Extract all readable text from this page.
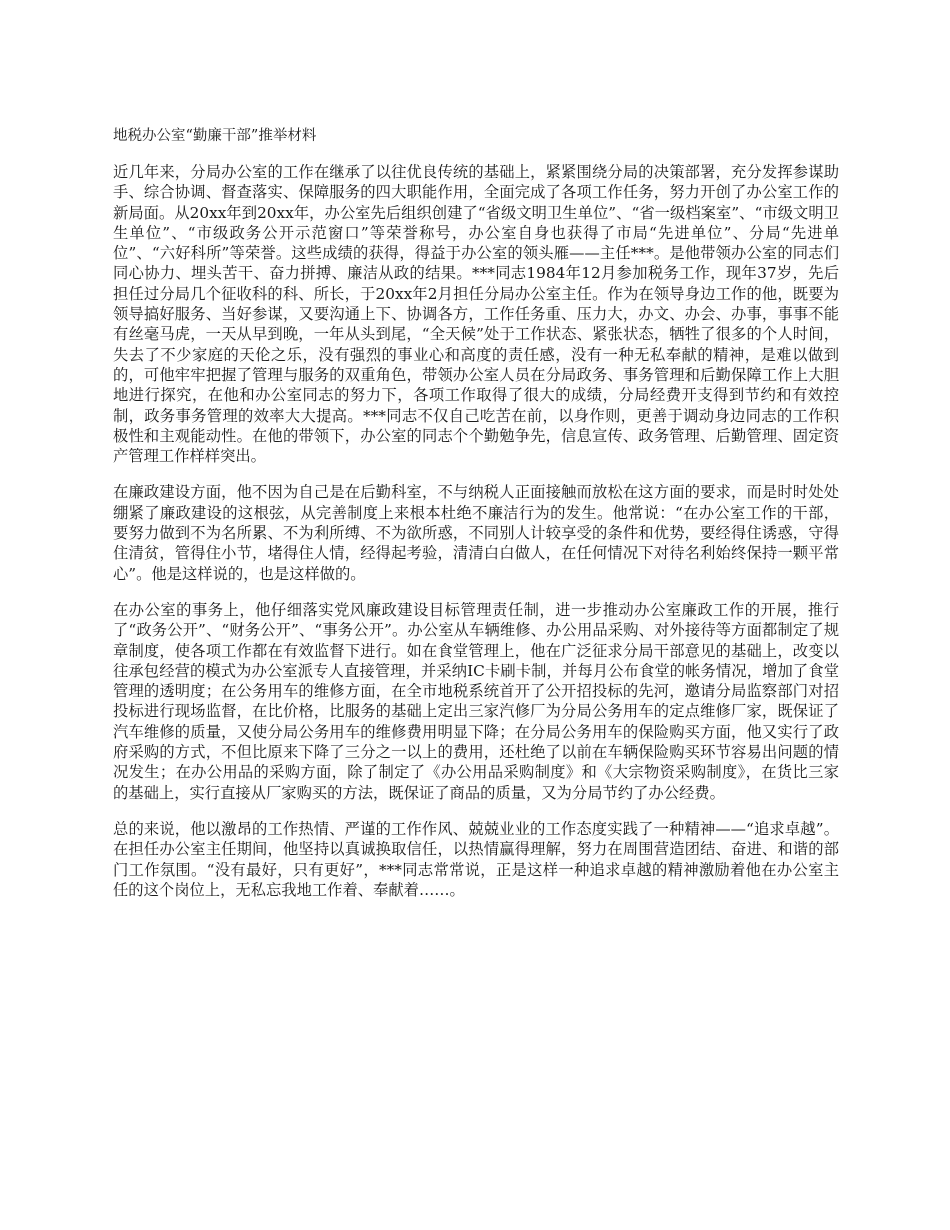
地税办公室“勤廉干部”推举材料

近几年来，分局办公室的工作在继承了以往优良传统的基础上，紧紧围绕分局的决策部署，充分发挥参谋助手、综合协调、督查落实、保障服务的四大职能作用，全面完成了各项工作任务，努力开创了办公室工作的新局面。从20xx年到20xx年，办公室先后组织创建了“省级文明卫生单位”、“省一级档案室”、“市级文明卫生单位”、“市级政务公开示范窗口”等荣誉称号，办公室自身也获得了市局“先进单位”、分局“先进单位”、“六好科所”等荣誉。这些成绩的获得，得益于办公室的领头雁——主任***。是他带领办公室的同志们同心协力、埋头苦干、奋力拼搏、廉洁从政的结果。***同志1984年12月参加税务工作，现年37岁，先后担任过分局几个征收科的科、所长，于20xx年2月担任分局办公室主任。作为在领导身边工作的他，既要为领导搞好服务、当好参谋，又要沟通上下、协调各方，工作任务重、压力大，办文、办会、办事，事事不能有丝毫马虎，一天从早到晚，一年从头到尾，“全天候”处于工作状态、紧张状态，牺牲了很多的个人时间，失去了不少家庭的天伦之乐，没有强烈的事业心和高度的责任感，没有一种无私奉献的精神，是难以做到的，可他牢牢把握了管理与服务的双重角色，带领办公室人员在分局政务、事务管理和后勤保障工作上大胆地进行探究，在他和办公室同志的努力下，各项工作取得了很大的成绩，分局经费开支得到节约和有效控制，政务事务管理的效率大大提高。***同志不仅自己吃苦在前，以身作则，更善于调动身边同志的工作积极性和主观能动性。在他的带领下，办公室的同志个个勤勉争先，信息宣传、政务管理、后勤管理、固定资产管理工作样样突出。

在廉政建设方面，他不因为自己是在后勤科室，不与纳税人正面接触而放松在这方面的要求，而是时时处处绷紧了廉政建设的这根弦，从完善制度上来根本杜绝不廉洁行为的发生。他常说：“在办公室工作的干部，要努力做到不为名所累、不为利所缚、不为欲所惑，不同别人计较享受的条件和优势，要经得住诱惑，守得住清贫，管得住小节，堵得住人情，经得起考验，清清白白做人，在任何情况下对待名利始终保持一颗平常心”。他是这样说的，也是这样做的。

在办公室的事务上，他仔细落实党风廉政建设目标管理责任制，进一步推动办公室廉政工作的开展，推行了“政务公开”、“财务公开”、“事务公开”。办公室从车辆维修、办公用品采购、对外接待等方面都制定了规章制度，使各项工作都在有效监督下进行。如在食堂管理上，他在广泛征求分局干部意见的基础上，改变以往承包经营的模式为办公室派专人直接管理，并采纳IC卡刷卡制，并每月公布食堂的帐务情况，增加了食堂管理的透明度；在公务用车的维修方面，在全市地税系统首开了公开招投标的先河，邀请分局监察部门对招投标进行现场监督，在比价格，比服务的基础上定出三家汽修厂为分局公务用车的定点维修厂家，既保证了汽车维修的质量，又使分局公务用车的维修费用明显下降；在分局公务用车的保险购买方面，他又实行了政府采购的方式，不但比原来下降了三分之一以上的费用，还杜绝了以前在车辆保险购买环节容易出问题的情况发生；在办公用品的采购方面，除了制定了《办公用品采购制度》和《大宗物资采购制度》，在货比三家的基础上，实行直接从厂家购买的方法，既保证了商品的质量，又为分局节约了办公经费。

总的来说，他以激昂的工作热情、严谨的工作作风、兢兢业业的工作态度实践了一种精神——“追求卓越”。在担任办公室主任期间，他坚持以真诚换取信任，以热情赢得理解，努力在周围营造团结、奋进、和谐的部门工作氛围。“没有最好，只有更好”，***同志常常说，正是这样一种追求卓越的精神激励着他在办公室主任的这个岗位上，无私忘我地工作着、奉献着……。
